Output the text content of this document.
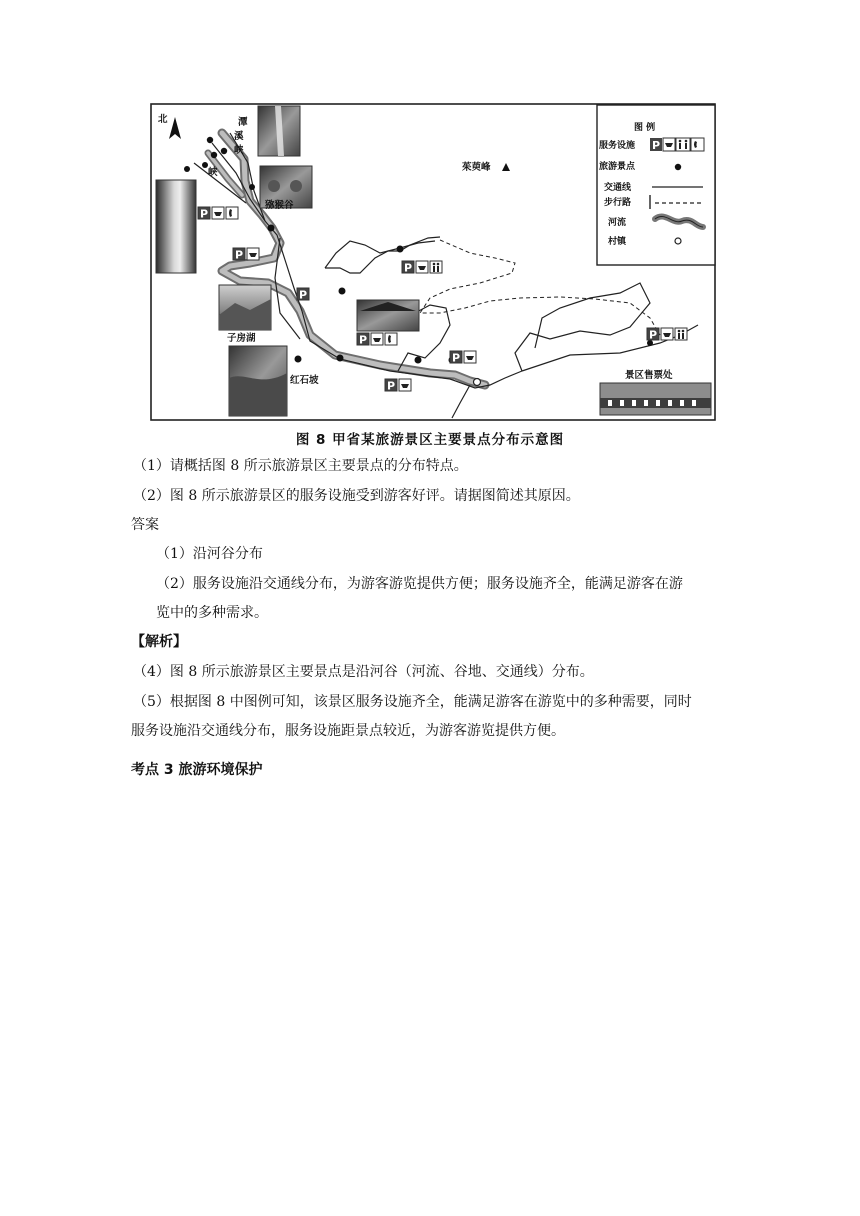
图 例
服务设施 P
旅游景点
交通线
步行路
河流
村镇
北
茱萸峰
潭
溪
峡
峡
猕猴谷
子房湖
红石坡	景区售票处
P
P
P
P
P
P
P
P
图 8 甲省某旅游景区主要景点分布示意图
（1）请概括图 8 所示旅游景区主要景点的分布特点。
（2）图 8 所示旅游景区的服务设施受到游客好评。请据图简述其原因。
答案
（1）沿河谷分布
（2）服务设施沿交通线分布，为游客游览提供方便；服务设施齐全，能满足游客在游
览中的多种需求。
【解析】
（4）图 8 所示旅游景区主要景点是沿河谷（河流、谷地、交通线）分布。
（5）根据图 8 中图例可知，该景区服务设施齐全，能满足游客在游览中的多种需要，同时
服务设施沿交通线分布，服务设施距景点较近，为游客游览提供方便。
考点 3 旅游环境保护
